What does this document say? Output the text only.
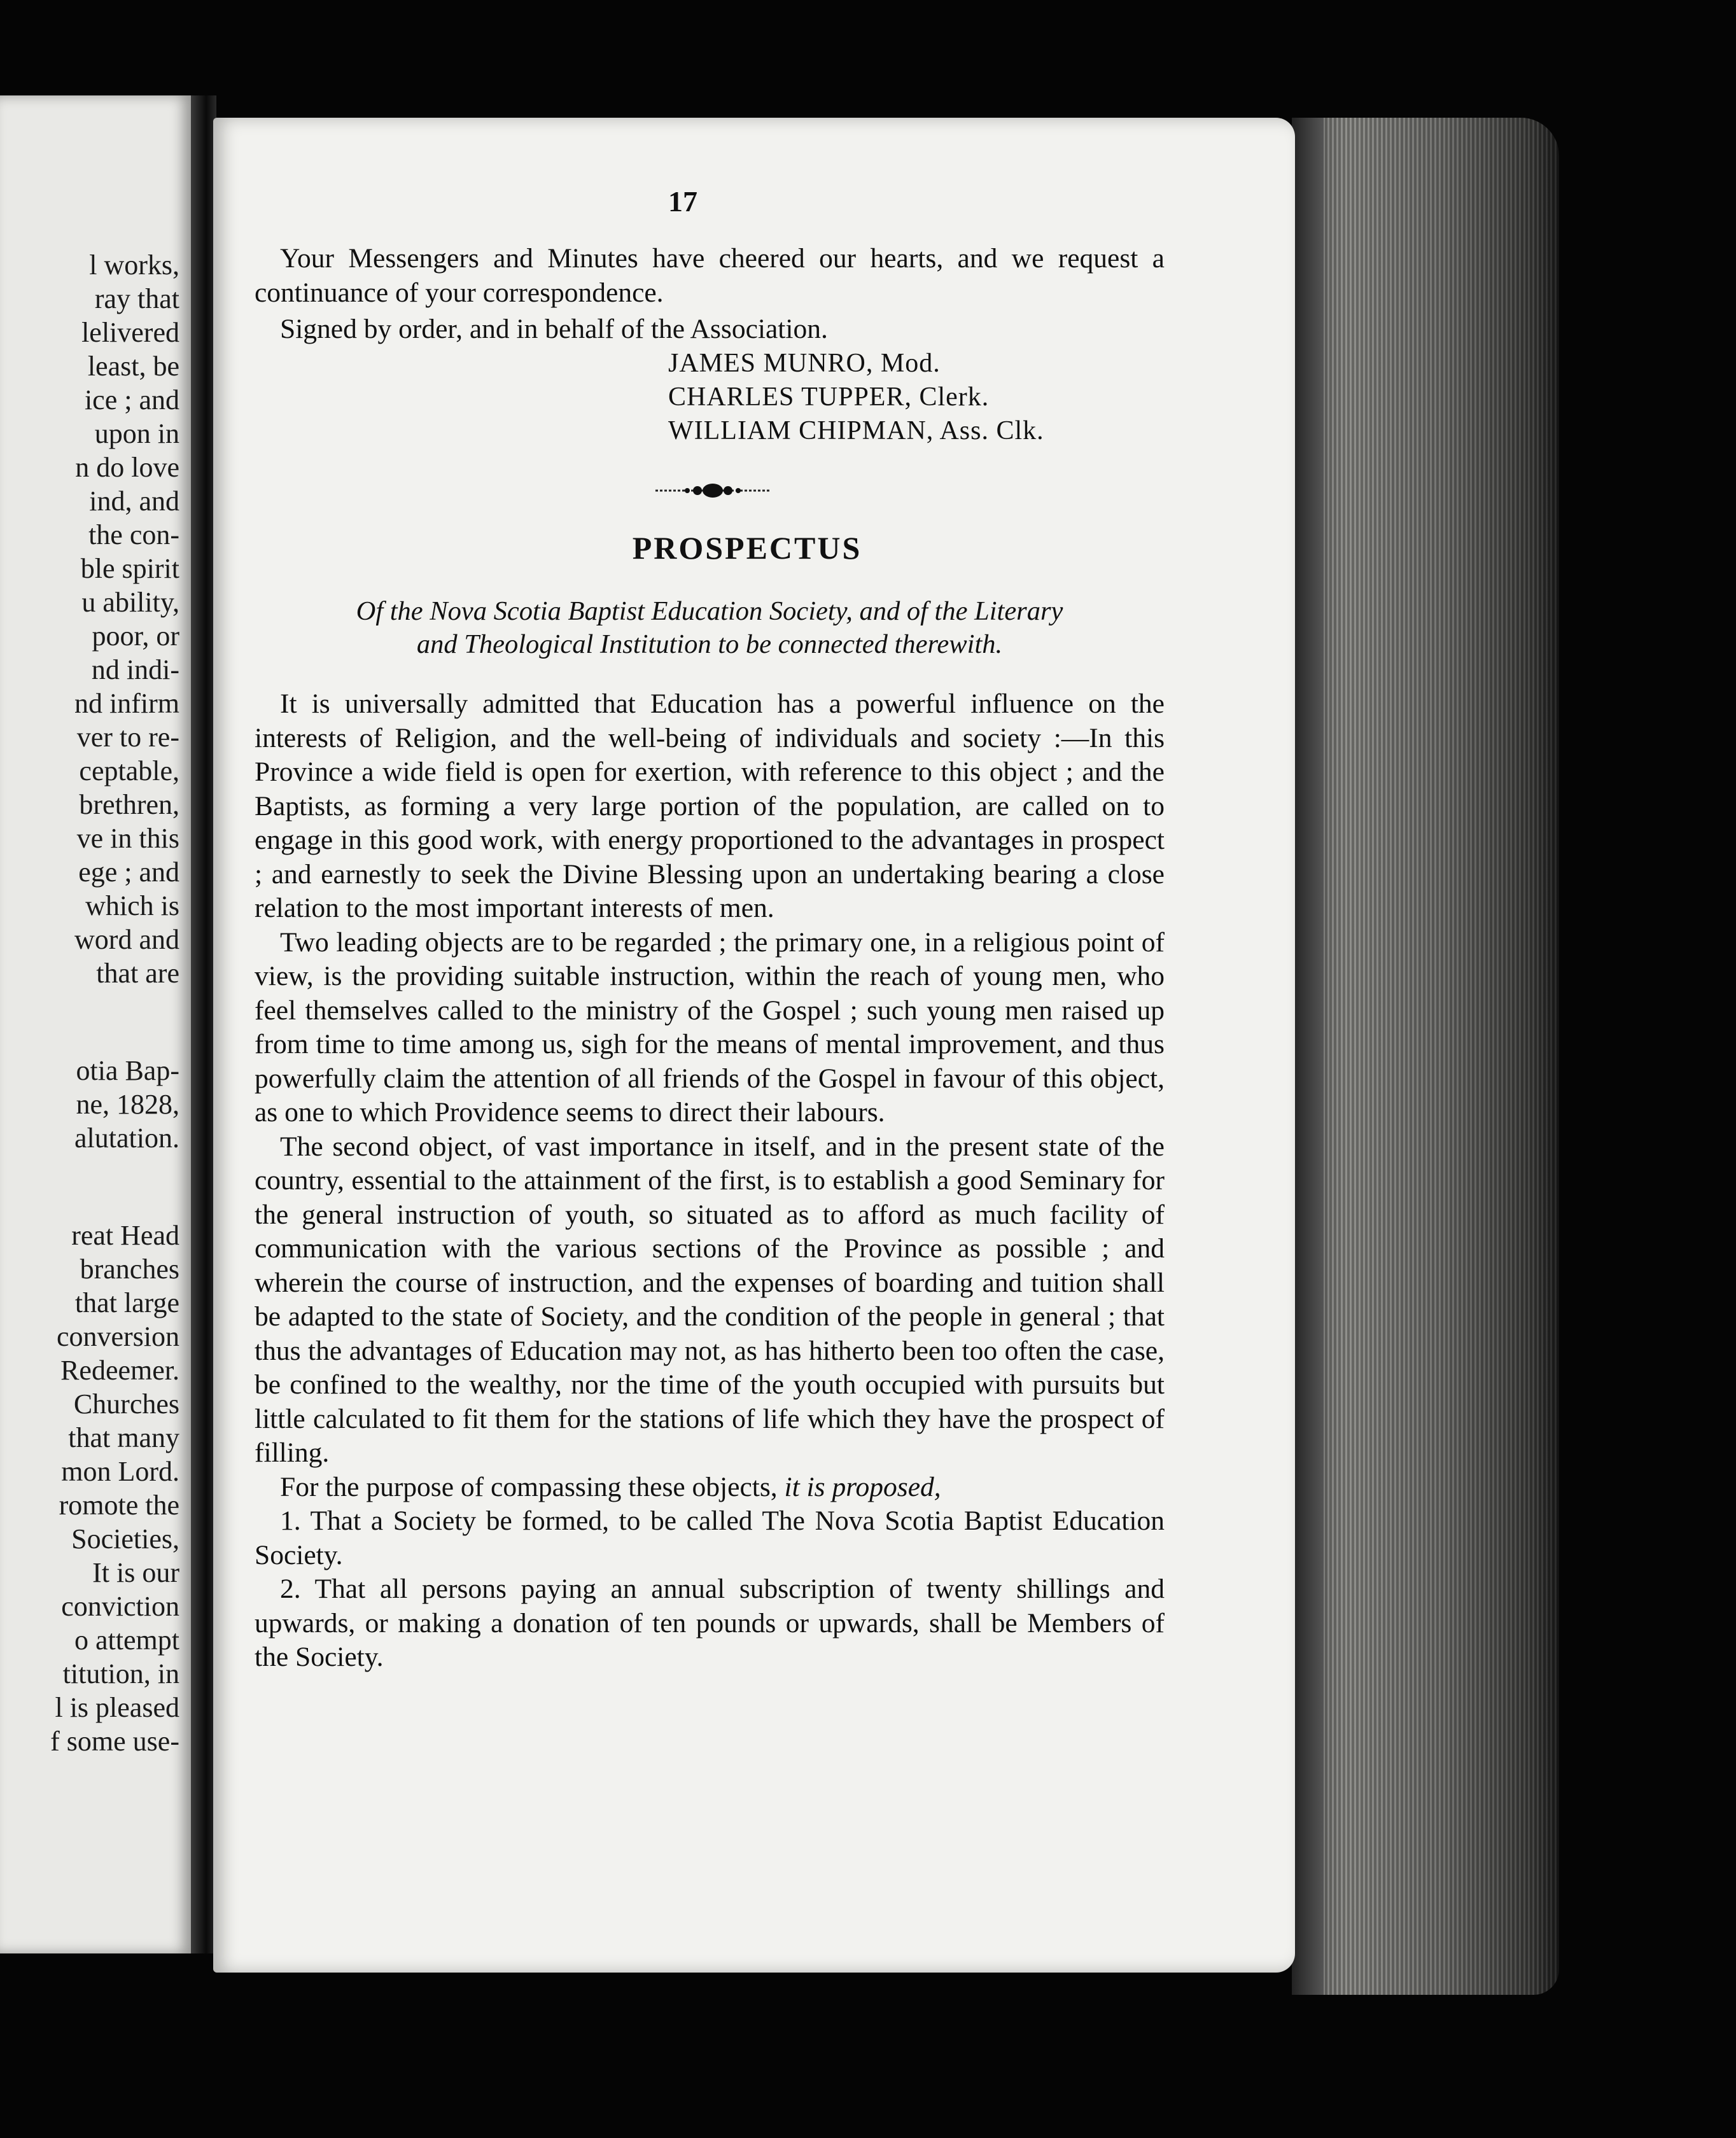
l works,
ray that
lelivered
least, be
ice ; and
upon in
n do love
ind, and
the con-
ble spirit
u ability,
poor, or
nd indi-
nd infirm
ver to re-
ceptable,
brethren,
ve in this
ege ; and
which is
word and
that are
otia Bap-
ne, 1828,
alutation.
reat Head
branches
that large
conversion
Redeemer.
Churches
that many
mon Lord.
romote the
Societies,
It is our
conviction
o attempt
titution, in
l is pleased
f some use-
17

Your Messengers and Minutes have cheered our hearts, and we request a continuance of your correspondence.

Signed by order, and in behalf of the Association.
JAMES MUNRO, Mod.
CHARLES TUPPER, Clerk.
WILLIAM CHIPMAN, Ass. Clk.
PROSPECTUS
Of the Nova Scotia Baptist Education Society, and of the Literary
and Theological Institution to be connected therewith.

It is universally admitted that Education has a powerful influence on the interests of Religion, and the well-being of individuals and society :—In this Province a wide field is open for exertion, with reference to this object ; and the Baptists, as forming a very large portion of the population, are called on to engage in this good work, with energy proportioned to the advantages in prospect ; and earnestly to seek the Divine Blessing upon an undertaking bearing a close relation to the most important interests of men.

Two leading objects are to be regarded ; the primary one, in a religious point of view, is the providing suitable instruction, within the reach of young men, who feel themselves called to the ministry of the Gospel ; such young men raised up from time to time among us, sigh for the means of mental improvement, and thus powerfully claim the attention of all friends of the Gospel in favour of this object, as one to which Providence seems to direct their labours.

The second object, of vast importance in itself, and in the present state of the country, essential to the attainment of the first, is to establish a good Seminary for the general instruction of youth, so situated as to afford as much facility of communication with the various sections of the Province as possible ; and wherein the course of instruction, and the expenses of boarding and tuition shall be adapted to the state of Society, and the condition of the people in general ; that thus the advantages of Education may not, as has hitherto been too often the case, be confined to the wealthy, nor the time of the youth occupied with pursuits but little calculated to fit them for the stations of life which they have the prospect of filling.

For the purpose of compassing these objects, it is proposed,

1. That a Society be formed, to be called The Nova Scotia Baptist Education Society.

2. That all persons paying an annual subscription of twenty shillings and upwards, or making a donation of ten pounds or upwards, shall be Members of the Society.
